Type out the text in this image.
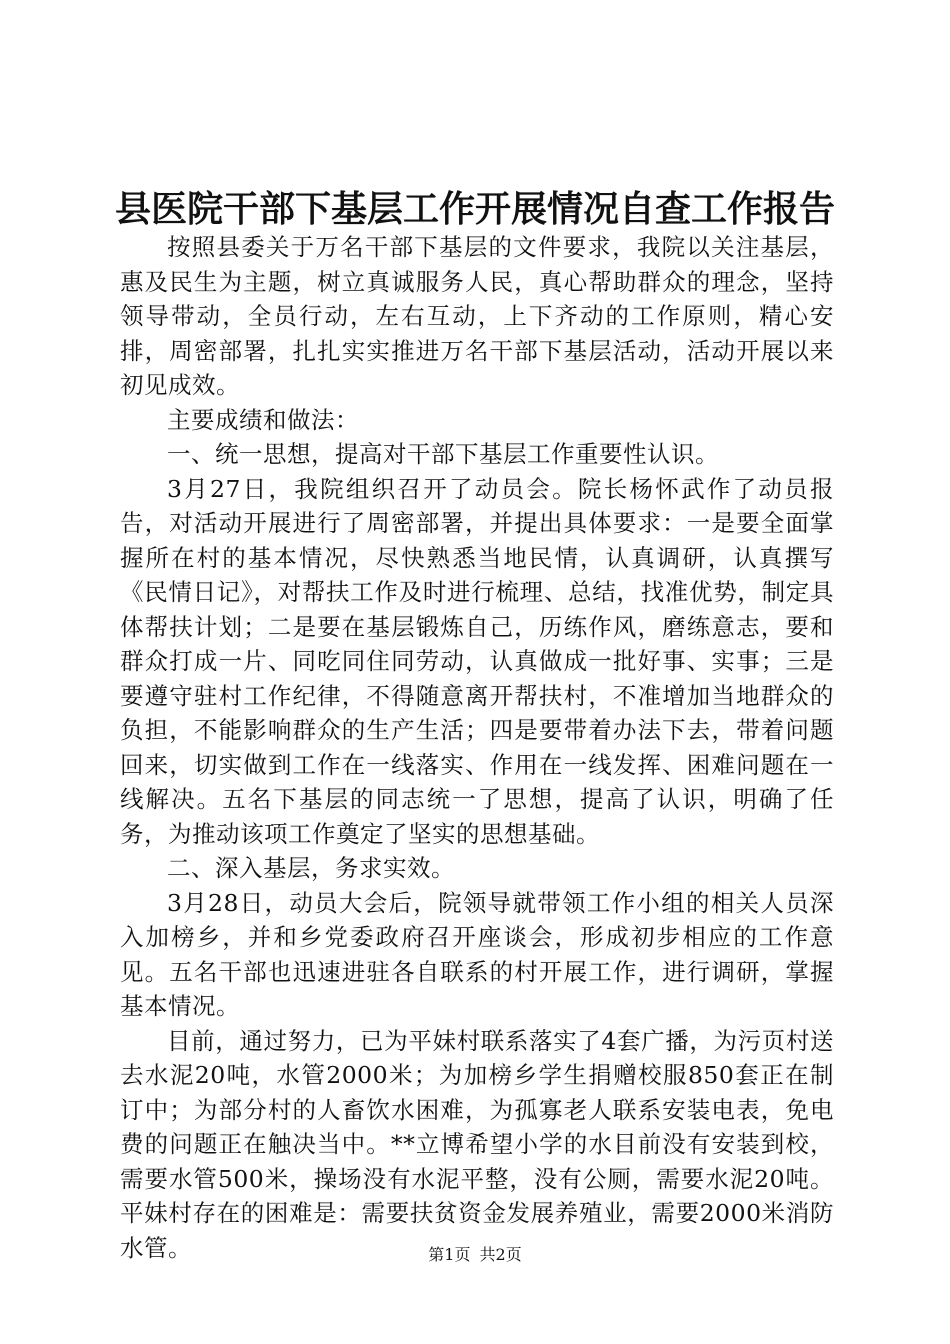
县医院干部下基层工作开展情况自查工作报告

按照县委关于万名干部下基层的文件要求，我院以关注基层，惠及民生为主题，树立真诚服务人民，真心帮助群众的理念，坚持领导带动，全员行动，左右互动，上下齐动的工作原则，精心安排，周密部署，扎扎实实推进万名干部下基层活动，活动开展以来初见成效。

主要成绩和做法：

一、统一思想，提高对干部下基层工作重要性认识。

3月27日，我院组织召开了动员会。院长杨怀武作了动员报告，对活动开展进行了周密部署，并提出具体要求：一是要全面掌握所在村的基本情况，尽快熟悉当地民情，认真调研，认真撰写《民情日记》，对帮扶工作及时进行梳理、总结，找准优势，制定具体帮扶计划；二是要在基层锻炼自己，历练作风，磨练意志，要和群众打成一片、同吃同住同劳动，认真做成一批好事、实事；三是要遵守驻村工作纪律，不得随意离开帮扶村，不准增加当地群众的负担，不能影响群众的生产生活；四是要带着办法下去，带着问题回来，切实做到工作在一线落实、作用在一线发挥、困难问题在一线解决。五名下基层的同志统一了思想，提高了认识，明确了任务，为推动该项工作奠定了坚实的思想基础。

二、深入基层，务求实效。

3月28日，动员大会后，院领导就带领工作小组的相关人员深入加榜乡，并和乡党委政府召开座谈会，形成初步相应的工作意见。五名干部也迅速进驻各自联系的村开展工作，进行调研，掌握基本情况。

目前，通过努力，已为平妹村联系落实了4套广播，为污页村送去水泥20吨，水管2000米；为加榜乡学生捐赠校服850套正在制订中；为部分村的人畜饮水困难，为孤寡老人联系安装电表，免电费的问题正在触决当中。**立博希望小学的水目前没有安装到校，需要水管500米，操场没有水泥平整，没有公厕，需要水泥20吨。平妹村存在的困难是：需要扶贫资金发展养殖业，需要2000米消防水管。	第1页 共2页
